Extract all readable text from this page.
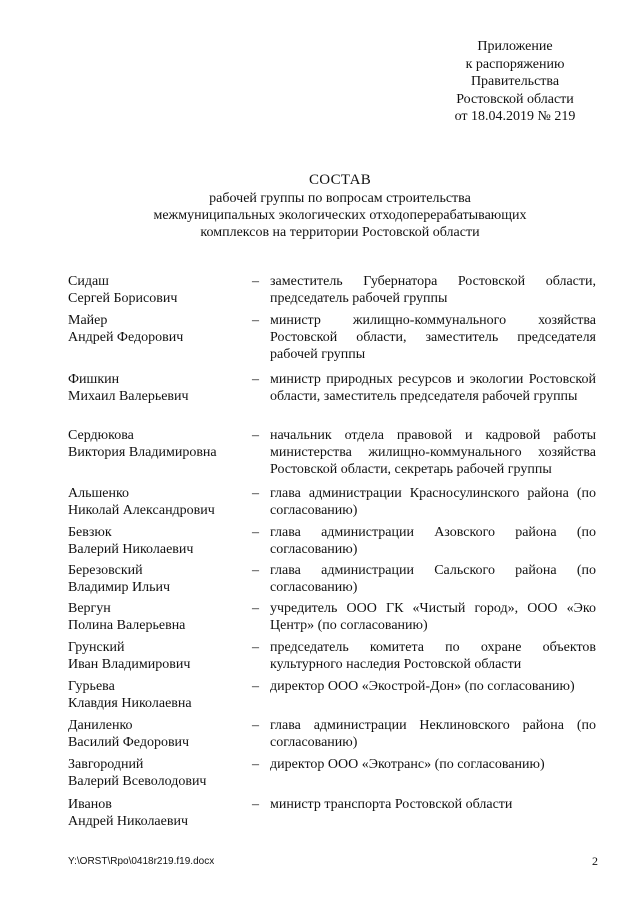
Приложение
к распоряжению
Правительства
Ростовской области
от 18.04.2019 № 219
СОСТАВ
рабочей группы по вопросам строительства
межмуниципальных экологических отходоперерабатывающих
комплексов на территории Ростовской области
Сидаш
Сергей Борисович
– заместитель Губернатора Ростовской области, председатель рабочей группы
Майер
Андрей Федорович
– министр жилищно-коммунального хозяйства Ростовской области, заместитель председателя рабочей группы
Фишкин
Михаил Валерьевич
– министр природных ресурсов и экологии Ростовской области, заместитель председателя рабочей группы
Сердюкова
Виктория Владимировна
– начальник отдела правовой и кадровой работы министерства жилищно-коммунального хозяйства Ростовской области, секретарь рабочей группы
Альшенко
Николай Александрович
– глава администрации Красносулинского района (по согласованию)
Бевзюк
Валерий Николаевич
– глава администрации Азовского района (по согласованию)
Березовский
Владимир Ильич
– глава администрации Сальского района (по согласованию)
Вергун
Полина Валерьевна
– учредитель ООО ГК «Чистый город», ООО «Эко Центр» (по согласованию)
Грунский
Иван Владимирович
– председатель комитета по охране объектов культурного наследия Ростовской области
Гурьева
Клавдия Николаевна
– директор ООО «Экострой-Дон» (по согласованию)
Даниленко
Василий Федорович
– глава администрации Неклиновского района (по согласованию)
Завгородний
Валерий Всеволодович
– директор ООО «Экотранс» (по согласованию)
Иванов
Андрей Николаевич
– министр транспорта Ростовской области
Y:\ORST\Rpo\0418r219.f19.docx	2
